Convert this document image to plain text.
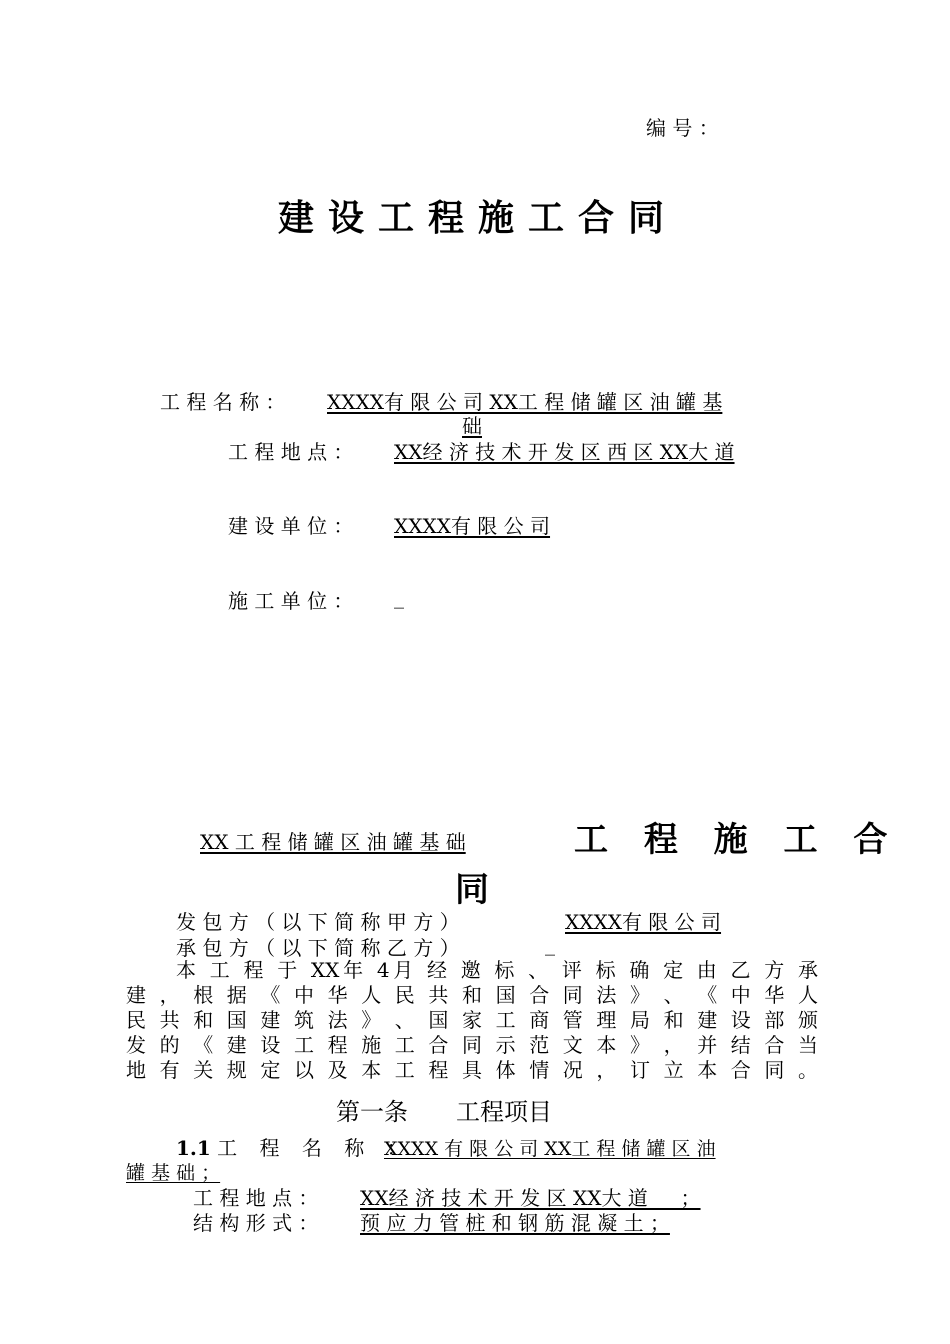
编 号 ：
建设工程施工合同
工 程 名 称 ： XXXX有 限 公 司 XX工 程 储 罐 区 油 罐 基
础
工 程 地 点 ： XX经 济 技 术 开 发 区 西 区 XX大 道
建 设 单 位 ： XXXX有 限 公 司
施 工 单 位 ： _
XX 工 程 储 罐 区 油 罐 基 础	工 程 施 工 合
同
发 包 方 （ 以 下 简 称 甲 方 ）	XXXX有 限 公 司
承 包 方 （ 以 下 简 称 乙 方 ）	_
本 工 程 于 XX年 4月 经 邀 标 、 评 标 确 定 由 乙 方 承
建 ， 根 据 《 中 华 人 民 共 和 国 合 同 法 》 、 《 中 华 人
民 共 和 国 建 筑 法 》 、 国 家 工 商 管 理 局 和 建 设 部 颁
发 的 《 建 设 工 程 施 工 合 同 示 范 文 本 》 ， 并 结 合 当
地 有 关 规 定 以 及 本 工 程 具 体 情 况 ， 订 立 本 合 同 。
第一条　　工程项目
1.1 工 程 名 称 ：
XXXX 有 限 公 司 XX工 程 储 罐 区 油
罐 基 础 ；
工 程 地 点 ： XX经 济 技 术 开 发 区 XX大 道 　 ；
结 构 形 式 ： 预 应 力 管 桩 和 钢 筋 混 凝 土 ；
